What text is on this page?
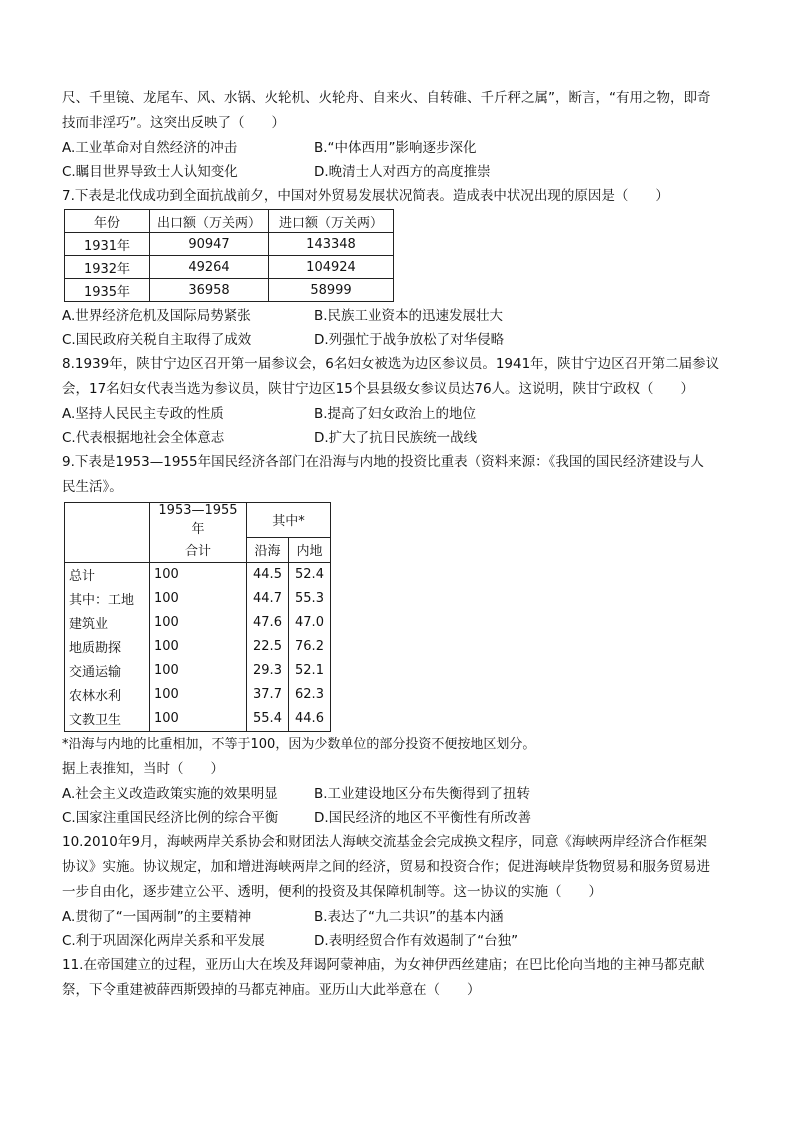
尺、千里镜、龙尾车、风、水锅、火轮机、火轮舟、自来火、自转碓、千斤秤之属”，断言，“有用之物，即奇
技而非淫巧”。这突出反映了（　　）
A.工业革命对自然经济的冲击	B.“中体西用”影响逐步深化
C.瞩目世界导致士人认知变化	D.晚清士人对西方的高度推崇
7.下表是北伐成功到全面抗战前夕，中国对外贸易发展状况简表。造成表中状况出现的原因是（　　）
年份	出口额（万关两）	进口额（万关两）
1931年	90947	143348
1932年	49264	104924
1935年	36958	58999
A.世界经济危机及国际局势紧张	B.民族工业资本的迅速发展壮大
C.国民政府关税自主取得了成效	D.列强忙于战争放松了对华侵略
8.1939年，陕甘宁边区召开第一届参议会，6名妇女被选为边区参议员。1941年，陕甘宁边区召开第二届参议
会，17名妇女代表当选为参议员，陕甘宁边区15个县县级女参议员达76人。这说明，陕甘宁政权（　　）
A.坚持人民民主专政的性质	B.提高了妇女政治上的地位
C.代表根据地社会全体意志	D.扩大了抗日民族统一战线
9.下表是1953—1955年国民经济各部门在沿海与内地的投资比重表（资料来源：《我国的国民经济建设与人
民生活》。
	1953—1955年	其中*	
	合计	沿海	内地
总计	100	44.5	52.4
其中：工地	100	44.7	55.3
建筑业	100	47.6	47.0
地质勘探	100	22.5	76.2
交通运输	100	29.3	52.1
农林水利	100	37.7	62.3
文教卫生	100	55.4	44.6
*沿海与内地的比重相加，不等于100，因为少数单位的部分投资不便按地区划分。
据上表推知，当时（　　）
A.社会主义改造政策实施的效果明显	B.工业建设地区分布失衡得到了扭转
C.国家注重国民经济比例的综合平衡	D.国民经济的地区不平衡性有所改善
10.2010年9月，海峡两岸关系协会和财团法人海峡交流基金会完成换文程序，同意《海峡两岸经济合作框架
协议》实施。协议规定，加和增进海峡两岸之间的经济，贸易和投资合作；促进海峡岸货物贸易和服务贸易进
一步自由化，逐步建立公平、透明，便利的投资及其保障机制等。这一协议的实施（　　）
A.贯彻了“一国两制”的主要精神	B.表达了“九二共识”的基本内涵
C.利于巩固深化两岸关系和平发展	D.表明经贸合作有效遏制了“台独”
11.在帝国建立的过程，亚历山大在埃及拜谒阿蒙神庙，为女神伊西丝建庙；在巴比伦向当地的主神马都克献
祭，下令重建被薛西斯毁掉的马都克神庙。亚历山大此举意在（　　）
